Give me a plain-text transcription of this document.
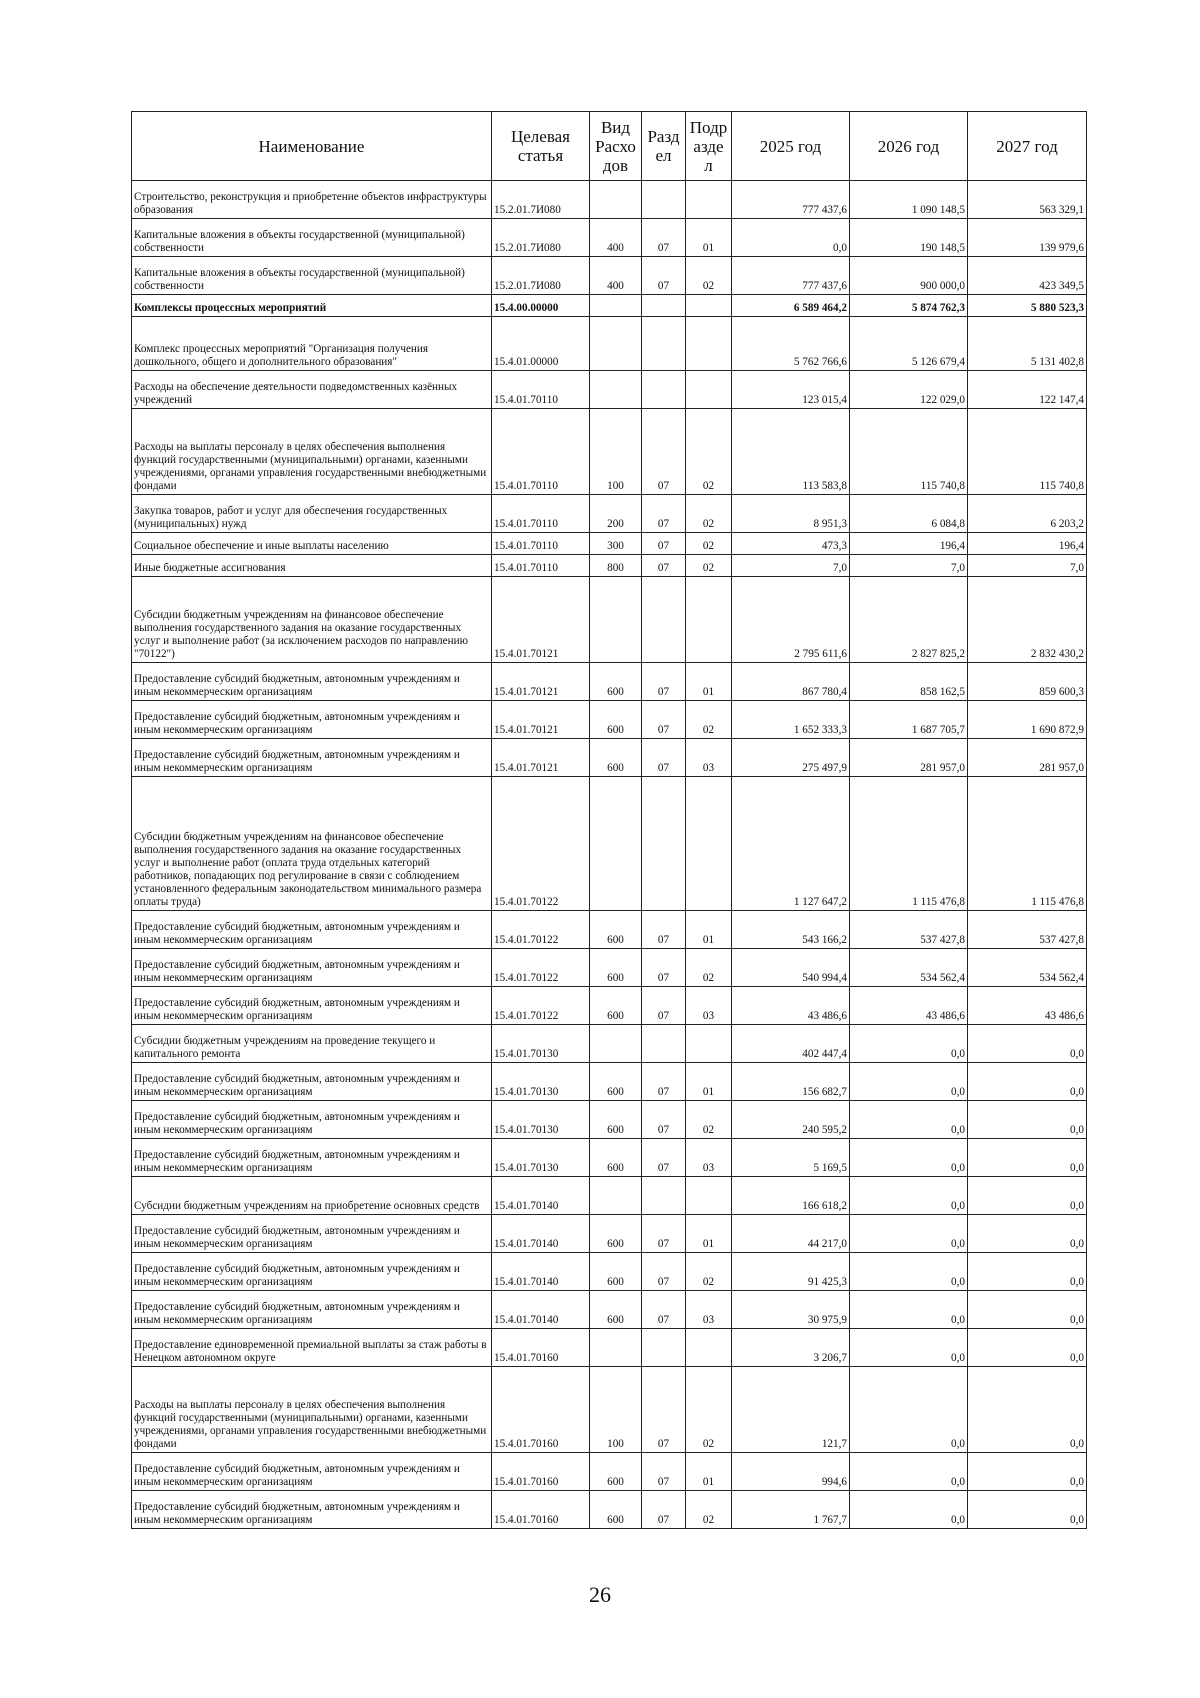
Наименование	Целевая статья	Вид Расхо дов	Разд ел	Подр азде л	2025 год	2026 год	2027 год
Строительство, реконструкция и приобретение объектов инфраструктуры образования	15.2.01.7И080				777 437,6	1 090 148,5	563 329,1
Капитальные вложения в объекты государственной (муниципальной) собственности	15.2.01.7И080	400	07	01	0,0	190 148,5	139 979,6
Капитальные вложения в объекты государственной (муниципальной) собственности	15.2.01.7И080	400	07	02	777 437,6	900 000,0	423 349,5
Комплексы процессных мероприятий	15.4.00.00000				6 589 464,2	5 874 762,3	5 880 523,3
Комплекс процессных мероприятий "Организация получения дошкольного, общего и дополнительного образования"	15.4.01.00000				5 762 766,6	5 126 679,4	5 131 402,8
Расходы на обеспечение деятельности подведомственных казённых учреждений	15.4.01.70110				123 015,4	122 029,0	122 147,4
Расходы на выплаты персоналу в целях обеспечения выполнения функций государственными (муниципальными) органами, казенными учреждениями, органами управления государственными внебюджетными фондами	15.4.01.70110	100	07	02	113 583,8	115 740,8	115 740,8
Закупка товаров, работ и услуг для обеспечения государственных (муниципальных) нужд	15.4.01.70110	200	07	02	8 951,3	6 084,8	6 203,2
Социальное обеспечение и иные выплаты населению	15.4.01.70110	300	07	02	473,3	196,4	196,4
Иные бюджетные ассигнования	15.4.01.70110	800	07	02	7,0	7,0	7,0
Субсидии бюджетным учреждениям на финансовое обеспечение выполнения государственного задания на оказание государственных услуг и выполнение работ (за исключением расходов по направлению "70122")	15.4.01.70121				2 795 611,6	2 827 825,2	2 832 430,2
Предоставление субсидий бюджетным, автономным учреждениям и иным некоммерческим организациям	15.4.01.70121	600	07	01	867 780,4	858 162,5	859 600,3
Предоставление субсидий бюджетным, автономным учреждениям и иным некоммерческим организациям	15.4.01.70121	600	07	02	1 652 333,3	1 687 705,7	1 690 872,9
Предоставление субсидий бюджетным, автономным учреждениям и иным некоммерческим организациям	15.4.01.70121	600	07	03	275 497,9	281 957,0	281 957,0
Субсидии бюджетным учреждениям на финансовое обеспечение выполнения государственного задания на оказание государственных услуг и выполнение работ (оплата труда отдельных категорий работников, попадающих под регулирование в связи с соблюдением установленного федеральным законодательством минимального размера оплаты труда)	15.4.01.70122				1 127 647,2	1 115 476,8	1 115 476,8
Предоставление субсидий бюджетным, автономным учреждениям и иным некоммерческим организациям	15.4.01.70122	600	07	01	543 166,2	537 427,8	537 427,8
Предоставление субсидий бюджетным, автономным учреждениям и иным некоммерческим организациям	15.4.01.70122	600	07	02	540 994,4	534 562,4	534 562,4
Предоставление субсидий бюджетным, автономным учреждениям и иным некоммерческим организациям	15.4.01.70122	600	07	03	43 486,6	43 486,6	43 486,6
Субсидии бюджетным учреждениям на проведение текущего и капитального ремонта	15.4.01.70130				402 447,4	0,0	0,0
Предоставление субсидий бюджетным, автономным учреждениям и иным некоммерческим организациям	15.4.01.70130	600	07	01	156 682,7	0,0	0,0
Предоставление субсидий бюджетным, автономным учреждениям и иным некоммерческим организациям	15.4.01.70130	600	07	02	240 595,2	0,0	0,0
Предоставление субсидий бюджетным, автономным учреждениям и иным некоммерческим организациям	15.4.01.70130	600	07	03	5 169,5	0,0	0,0
Субсидии бюджетным учреждениям на приобретение основных средств	15.4.01.70140				166 618,2	0,0	0,0
Предоставление субсидий бюджетным, автономным учреждениям и иным некоммерческим организациям	15.4.01.70140	600	07	01	44 217,0	0,0	0,0
Предоставление субсидий бюджетным, автономным учреждениям и иным некоммерческим организациям	15.4.01.70140	600	07	02	91 425,3	0,0	0,0
Предоставление субсидий бюджетным, автономным учреждениям и иным некоммерческим организациям	15.4.01.70140	600	07	03	30 975,9	0,0	0,0
Предоставление единовременной премиальной выплаты за стаж работы в Ненецком автономном округе	15.4.01.70160				3 206,7	0,0	0,0
Расходы на выплаты персоналу в целях обеспечения выполнения функций государственными (муниципальными) органами, казенными учреждениями, органами управления государственными внебюджетными фондами	15.4.01.70160	100	07	02	121,7	0,0	0,0
Предоставление субсидий бюджетным, автономным учреждениям и иным некоммерческим организациям	15.4.01.70160	600	07	01	994,6	0,0	0,0
Предоставление субсидий бюджетным, автономным учреждениям и иным некоммерческим организациям	15.4.01.70160	600	07	02	1 767,7	0,0	0,0
26
